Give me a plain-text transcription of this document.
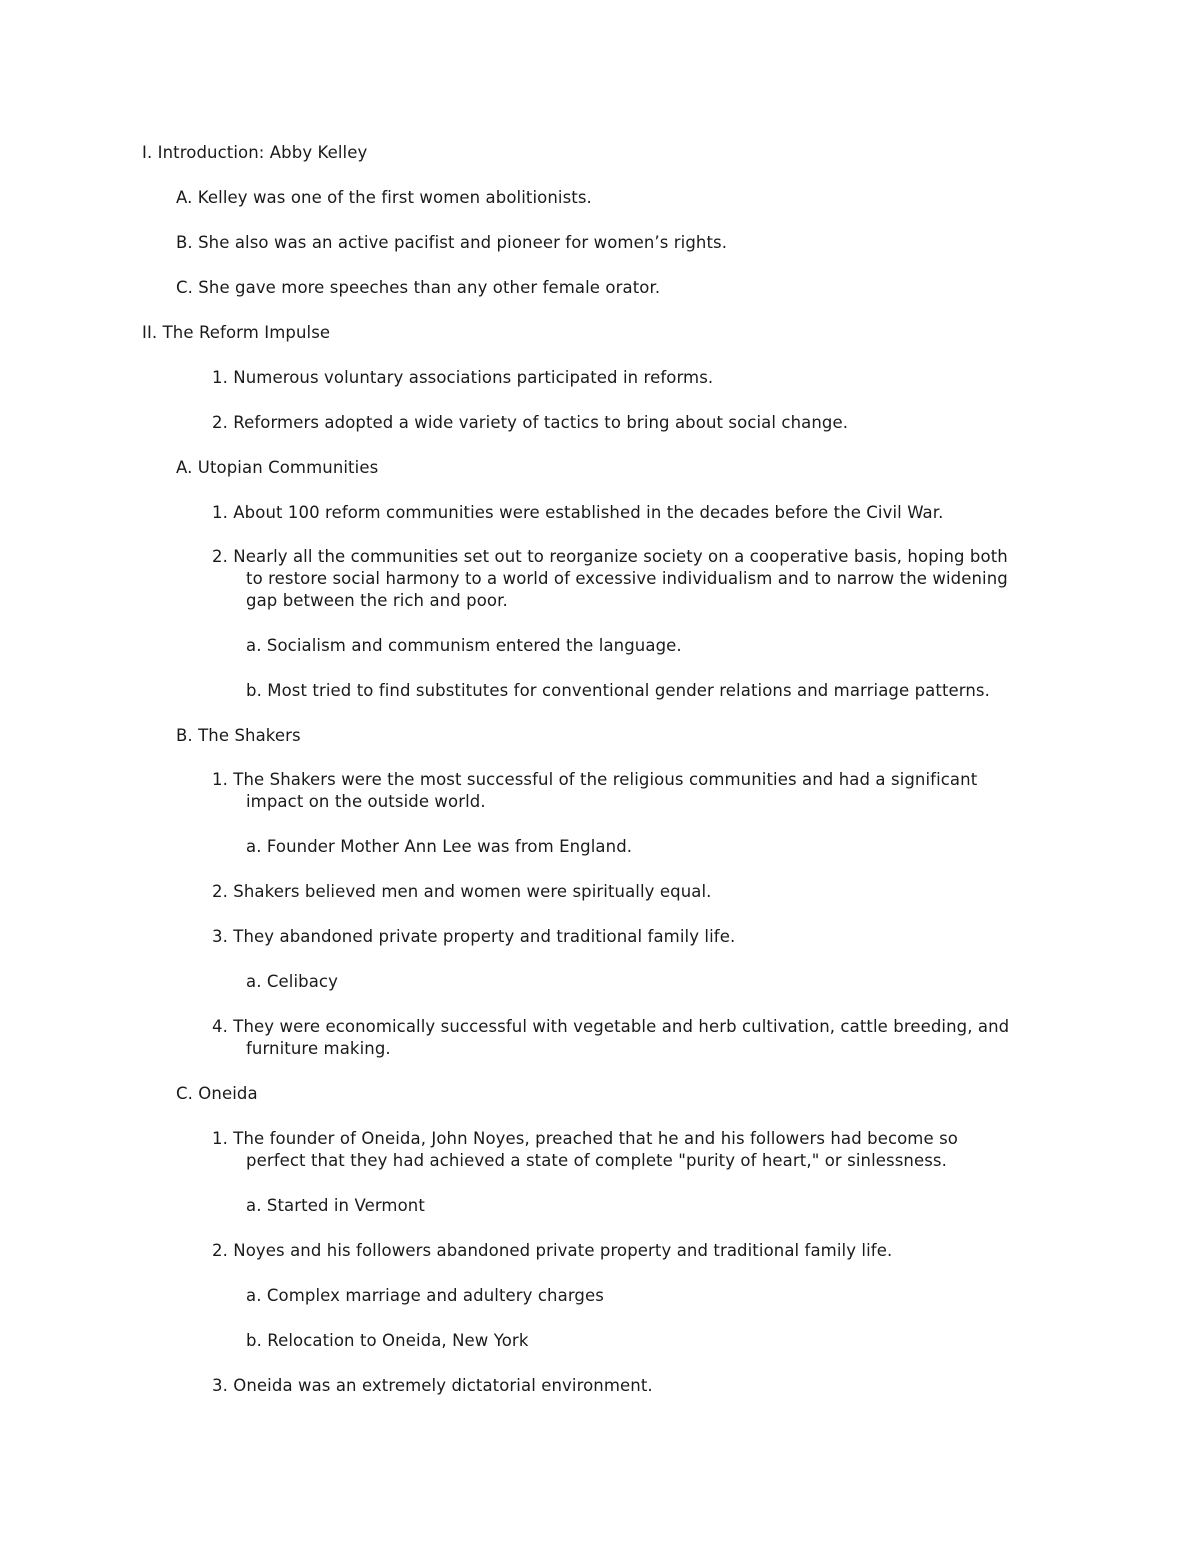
I. Introduction: Abby Kelley
A. Kelley was one of the first women abolitionists.
B. She also was an active pacifist and pioneer for women’s rights.
C. She gave more speeches than any other female orator.
II. The Reform Impulse
1. Numerous voluntary associations participated in reforms.
2. Reformers adopted a wide variety of tactics to bring about social change.
A. Utopian Communities
1. About 100 reform communities were established in the decades before the Civil War.
2. Nearly all the communities set out to reorganize society on a cooperative basis, hoping both
to restore social harmony to a world of excessive individualism and to narrow the widening
gap between the rich and poor.
a. Socialism and communism entered the language.
b. Most tried to find substitutes for conventional gender relations and marriage patterns.
B. The Shakers
1. The Shakers were the most successful of the religious communities and had a significant
impact on the outside world.
a. Founder Mother Ann Lee was from England.
2. Shakers believed men and women were spiritually equal.
3. They abandoned private property and traditional family life.
a. Celibacy
4. They were economically successful with vegetable and herb cultivation, cattle breeding, and
furniture making.
C. Oneida
1. The founder of Oneida, John Noyes, preached that he and his followers had become so
perfect that they had achieved a state of complete "purity of heart," or sinlessness.
a. Started in Vermont
2. Noyes and his followers abandoned private property and traditional family life.
a. Complex marriage and adultery charges
b. Relocation to Oneida, New York
3. Oneida was an extremely dictatorial environment.
